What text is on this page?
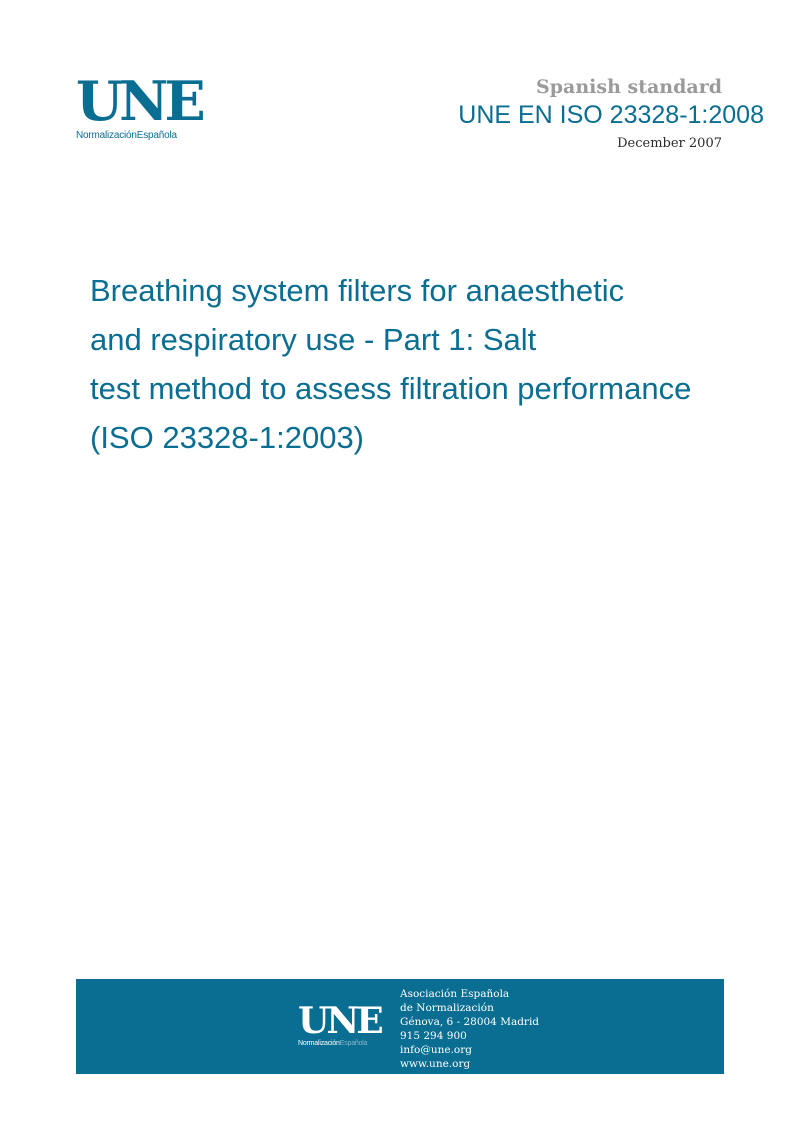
UNE
NormalizaciónEspañola
Spanish standard
UNE EN ISO 23328-1:2008
December 2007
Breathing system filters for anaesthetic
and respiratory use - Part 1: Salt
test method to assess filtration performance
(ISO 23328-1:2003)
UNE
NormalizaciónEspañola
Asociación Española
de Normalización
Génova, 6 - 28004 Madrid
915 294 900
info@une.org
www.une.org
